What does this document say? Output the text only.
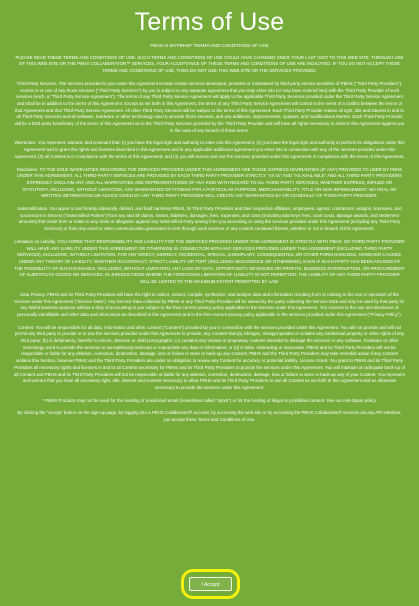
Terms of Use

PBHS IS MYPBHSP TERMS AND CONDITIONS OF USE

PLEASE READ THESE TERMS AND CONDITIONS OF USE. SUCH TERMS AND CONDITIONS OF USE COULD HAVE CHANGED SINCE YOUR LAST VISIT TO THIS WEB SITE. THROUGH USE OF THIS WEB SITE OR THE PBHS COLLABORATOR™ SERVICES, YOUR ACCEPTANCE OF THESE TERMS AND CONDITIONS OF USE ARE INDICATED. IF YOU DO NOT ACCEPT THESE TERMS AND CONDITIONS OF USE, THEN DO NOT USE THIS WEB SITE OR THE SERVICES PROVIDED.

Third-Party Services. The services provided to you under this Agreement include certain services developed, provided or maintained by third-party service providers of PBHS ("Third Party Providers"). Access to or use of any those services ("Third Party Services") by you is subject to any separate agreement that you may enter into (or may have entered into) with the Third Party Provider of such services (each, a "Third Party Service Agreement"). The terms of any Third Party Service Agreement will apply to the applicable Third Party Services provided under the Third Party Service Agreement and shall be in addition to the terms of this Agreement. Except as set forth in this Agreement, the terms of any Third Party Service Agreement will control in the event of a conflict between the terms of that Agreement and that Third Party Service Agreement. All other Third Party Services will be subject to the terms of this Agreement. Each Third Party Provider retains all right, title and interest in and to all Third Party Services and all software, hardware or other technology used to provide those services, and any additions, improvements, updates, and modifications thereto. Each Third Party Provider will be a third-party beneficiary of the terms of this Agreement as to the Third Party Services provided by the Third Party Provider and will have all rights necessary to enforce this Agreement against you in the case of any breach of those terms.

Warranties. You represent, warrant, and covenant that: (i) you have the legal right and authority to enter into this Agreement; (2) you have the legal right and authority to perform its obligations under this Agreement and to grant the rights and licenses described in this Agreement and in any applicable additional agreement you enter into in connection with any of the services provided under this Agreement; (3) all Content is in compliance with the terms of this Agreement; and (4) you will access and use the services provided under this Agreement in compliance with the terms of this Agreement.

Disclaimer. TO THE SOLE WARRANTIES REGARDING THE SERVICES PROVIDED UNDER THIS AGREEMENT ARE THOSE EXPRESS WARRANTIES (IF ANY) PROVIDED TO USER BY PBHS UNDER THIS AGREEMENT. ALL THIRD-PARTY SERVICES ARE PROVIDED BY EACH THIRD PARTY PROVIDER STRICTLY "AS IS" AND "AS AVAILABLE" AND ALL THIRD PARTY PROVIDERS EXPRESSLY DISCLAIM ANY AND ALL WARRANTIES AND REPRESENTATIONS OF ANY KIND WITH REGARD TO ALL THIRD PARTY SERVICES, WHETHER EXPRESS, IMPLIED OR STATUTORY, INCLUDING, WITHOUT LIMITATION, ANY WARRANTIES OF FITNESS FOR A PARTICULAR PURPOSE, MERCHANTABILITY, TITLE OR NON-INFRINGEMENT. NO ORAL OR WRITTEN INFORMATION OR ADVICE GIVEN BY ANY THIRD PARTY PROVIDER WILL CREATE ANY WARRANTIES BY OR ON BEHALF OF THIRD PARTY PROVIDER.

Indemnification. You agree to and hereby indemnify, defend, and hold harmless PBHS, its Third Party Providers and their respective affiliates, employees, agents, contractors, assigns, licensees, and successors in interest ("Indemnified Parties") from any and all claims, losses, liabilities, damages, fees, expenses, and costs (including attorneys' fees, court costs, damage awards, and settlement amounts) that result from or relate to any claim or allegation against any Indemnified Party arising from you accessing or using the services provided under this Agreement (including any Third Party Services) or from any email or other communication generated or sent through such services or any content contained therein, whether or not in breach of this Agreement.

Limitation on Liability. YOU AGREE THAT RESPONSIBILITY AND LIABILITY FOR THE SERVICES PROVIDED UNDER THIS AGREEMENT IS STRICTLY WITH PBHS. NO THIRD PARTY PROVIDER WILL HAVE ANY LIABILITY UNDER THIS AGREEMENT OR OTHERWISE IN CONNECTION WITH ANY SERVICES PROVIDED UNDER THIS AGREEMENT (INCLUDING THIRD PARTY SERVICES), INCLUDING, WITHOUT LIMITATION, FOR ANY DIRECT, INDIRECT, INCIDENTAL, SPECIAL, EXEMPLARY, CONSEQUENTIAL OR OTHER FORM DAMAGES, HOWEVER CAUSED, UNDER ANY THEORY OF LIABILITY, WHETHER IN CONTRACT, STRICT LIABILITY OR TORT (INCLUDING NEGLIGENCE OR OTHERWISE), EVEN IF SUCH PARTY HAS BEEN ADVISED OF THE POSSIBILITY OF SUCH DAMAGES, INCLUDING, WITHOUT LIMITATION, ANY LOSS OF DATA, OPPORTUNITY, REVENUES OR PROFITS, BUSINESS INTERRUPTION, OR PROCUREMENT OF SUBSTITUTE GOODS OR SERVICES. IN JURISDICTIONS WHERE THE FOREGOING LIMITATION OF LIABILITY IS NOT PERMITTED, THE LIABILITY OF ANY THIRD PARTY PROVIDER WILL BE LIMITED TO THE MAXIMUM EXTENT PERMITTED BY LAW.

Data Privacy. PBHS and its Third Party Providers will have the right to collect, extract, compile, synthesize, and analyze data and information resulting from or relating to the use or operation of the services under this Agreement ("Service Data"). Any Service Data collected by PBHS or any Third Party Provider will be owned by the party collecting the Service Data and may be used by that party for any lawful business purpose without a duty of accounting to you subject to the then current privacy policy applicable to the services under this Agreement. You consent to the use and disclosure of personally identifiable and other data and information as described in this Agreement and in the then-current privacy policy applicable to the services provided under this Agreement ("Privacy Policy").

Content. You will be responsible for all data, information and other content ("Content") provided by you in connection with the services provided under this Agreement. You will not provide and will not permit any third party to provide or to use the services provided under this Agreement to provide, any Content that (a) infringes, misappropriates or violates any intellectual property or other rights of any third party; (b) is defamatory, harmful to minors, obscene or child pornographic; (c) contains any viruses or proprietary routines intended to damage the services or any software, hardware or other technology used to provide the services or surreptitiously intercept or expropriate any data or information; or (d) is false, misleading or inaccurate. PBHS and its Third Party Providers will not be responsible or liable for any deletion, correction, destruction, damage, loss or failure to store or back-up any Content. PBHS and the Third Party Providers may take remedial action if any Content violates this Section, however PBHS and the Third Party Providers are under no obligation to review any Content for accuracy or potential liability. License Grant. You grant to PBHS and its Third Party Providers all necessary rights and licenses in and to all Content necessary for PBHS and its Third Party Providers to provide the services under this Agreement. You will maintain an adequate back-up of all Content and PBHS and its Third Party Providers will not be responsible or liable for any deletion, correction, destruction, damage, loss or failure to store or back-up any of your Content. You represent and warrant that you have all necessary right, title, interest and consent necessary to allow PBHS and its Third Party Providers to use all Content as set forth in this Agreement and as otherwise necessary to provide the services under this Agreement.

* PBHS Products may not be used for the sending of unsolicited email (sometimes called "spam") or for the hosting of illegal or prohibited content. See our Anti-Spam policy.

By clicking the "accept" button on the sign-up page, by logging into a PBHS Collaborator® account, by accessing the web site or by accessing the PBHS Collaborator® services via any API interface, you accept these Terms and Conditions of Use.

I Accept
